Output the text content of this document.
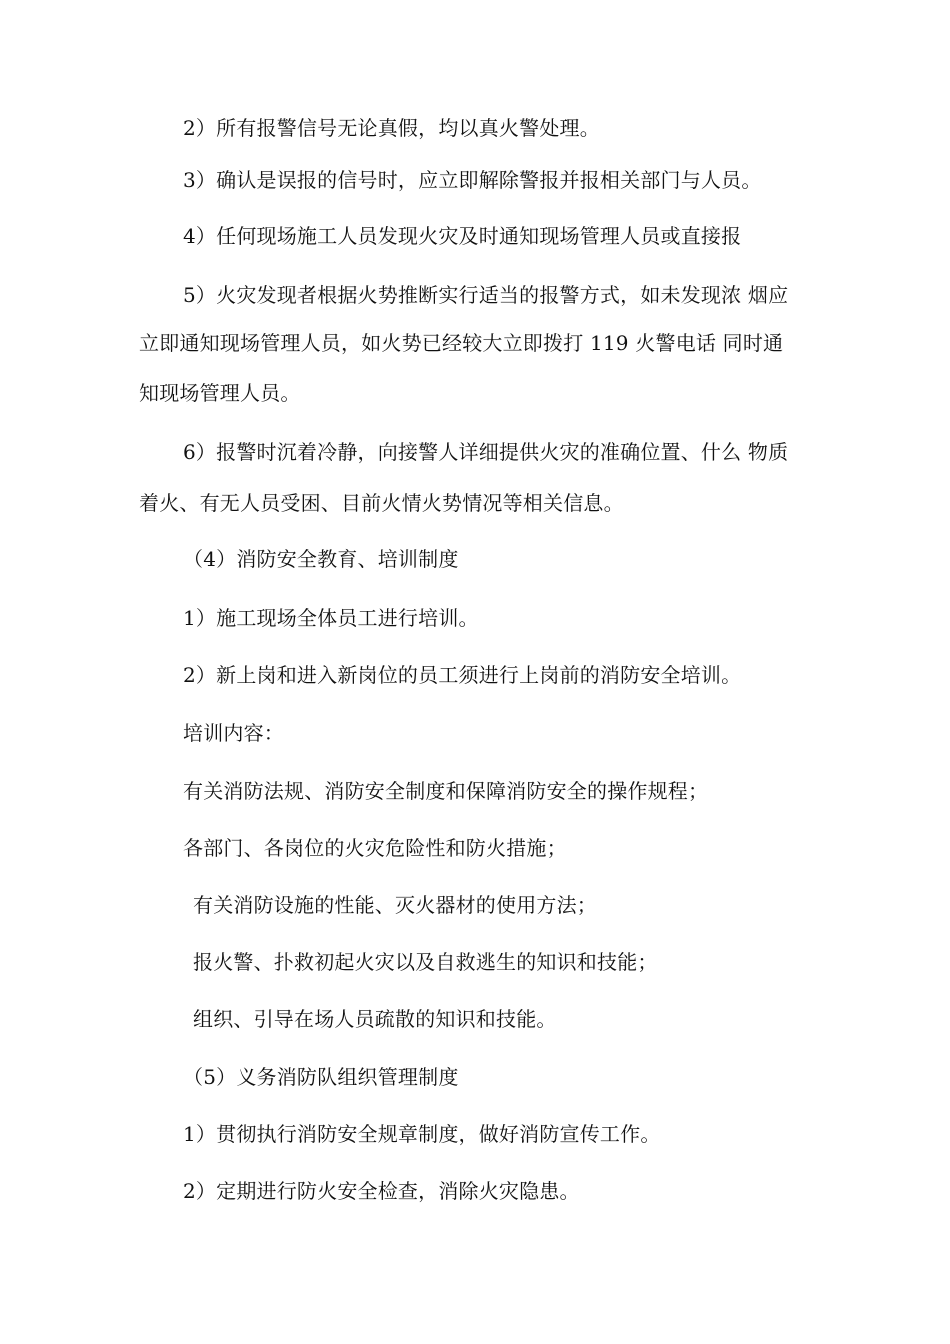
2）所有报警信号无论真假，均以真火警处理。
3）确认是误报的信号时，应立即解除警报并报相关部门与人员。
4）任何现场施工人员发现火灾及时通知现场管理人员或直接报
5）火灾发现者根据火势推断实行适当的报警方式，如未发现浓 烟应
立即通知现场管理人员，如火势已经较大立即拨打 119 火警电话 同时通
知现场管理人员。
6）报警时沉着冷静，向接警人详细提供火灾的准确位置、什么 物质
着火、有无人员受困、目前火情火势情况等相关信息。
（4）消防安全教育、培训制度
1）施工现场全体员工进行培训。
2）新上岗和进入新岗位的员工须进行上岗前的消防安全培训。
培训内容：
有关消防法规、消防安全制度和保障消防安全的操作规程；
各部门、各岗位的火灾危险性和防火措施；
有关消防设施的性能、灭火器材的使用方法；
报火警、扑救初起火灾以及自救逃生的知识和技能；
组织、引导在场人员疏散的知识和技能。
（5）义务消防队组织管理制度
1）贯彻执行消防安全规章制度，做好消防宣传工作。
2）定期进行防火安全检查，消除火灾隐患。
